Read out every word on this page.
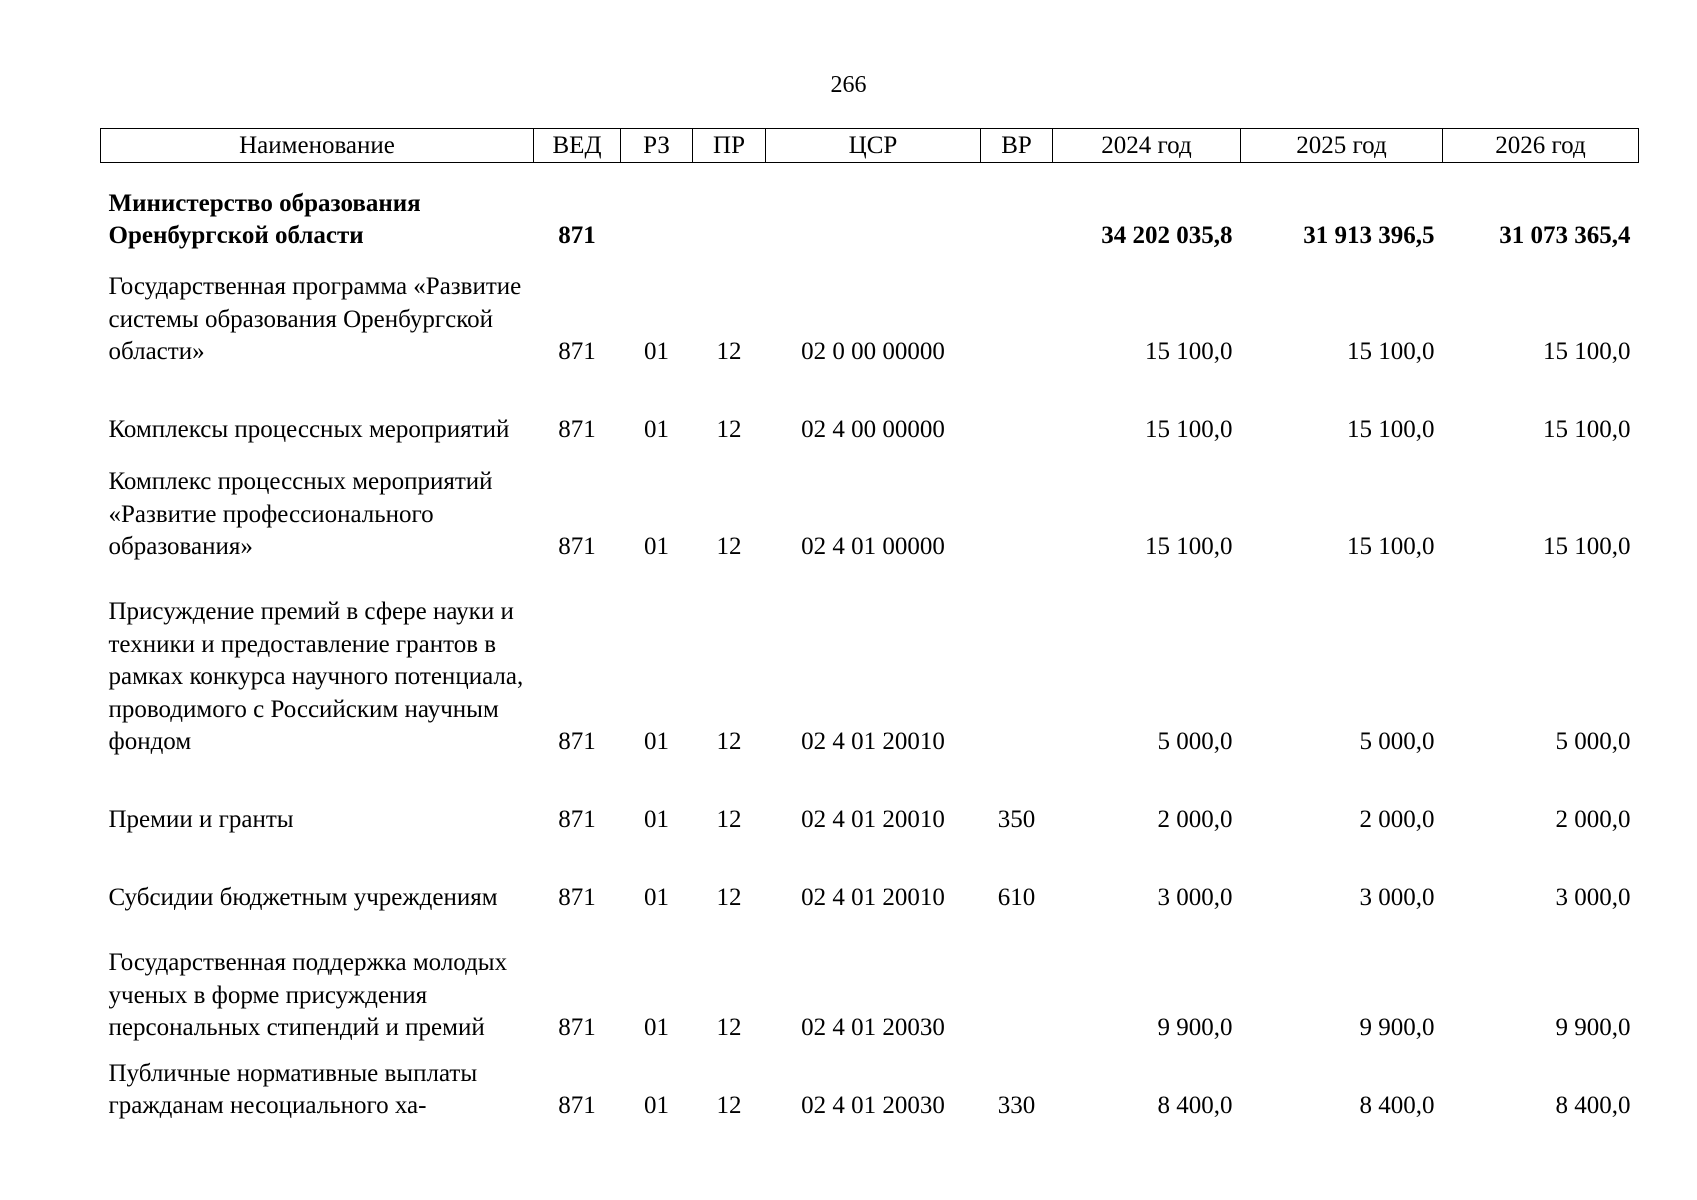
266
Наименование	ВЕД	РЗ	ПР	ЦСР	ВР	2024 год	2025 год	2026 год
Министерство образования Оренбургской области	871					34 202 035,8	31 913 396,5	31 073 365,4
Государственная программа «Развитие системы образования Оренбургской области»	871	01	12	02 0 00 00000		15 100,0	15 100,0	15 100,0
Комплексы процессных мероприятий	871	01	12	02 4 00 00000		15 100,0	15 100,0	15 100,0
Комплекс процессных мероприятий «Развитие профессионального образования»	871	01	12	02 4 01 00000		15 100,0	15 100,0	15 100,0
Присуждение премий в сфере науки и техники и предоставление грантов в рамках конкурса научного потенциала, проводимого с Российским научным фондом	871	01	12	02 4 01 20010		5 000,0	5 000,0	5 000,0
Премии и гранты	871	01	12	02 4 01 20010	350	2 000,0	2 000,0	2 000,0
Субсидии бюджетным учреждениям	871	01	12	02 4 01 20010	610	3 000,0	3 000,0	3 000,0
Государственная поддержка молодых ученых в форме присуждения персональных стипендий и премий	871	01	12	02 4 01 20030		9 900,0	9 900,0	9 900,0
Публичные нормативные выплаты гражданам несоциального ха-	871	01	12	02 4 01 20030	330	8 400,0	8 400,0	8 400,0
